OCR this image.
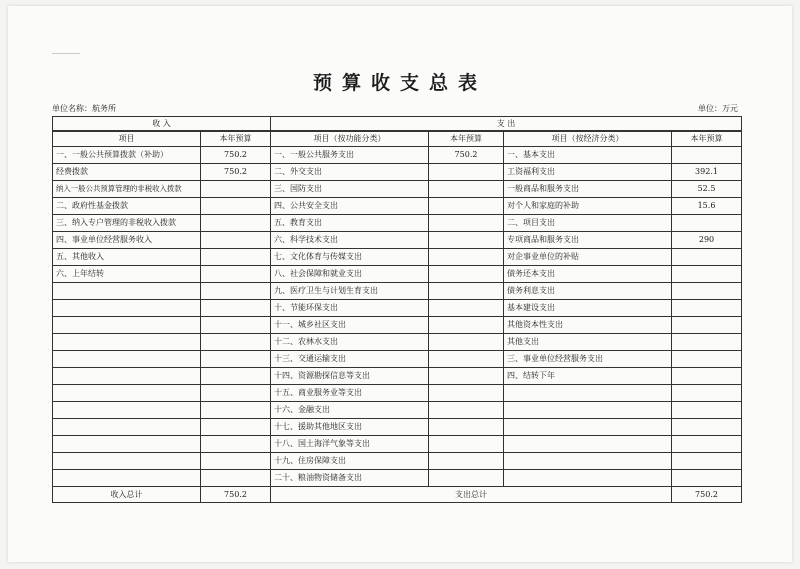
________
预算收支总表
单位名称：航务所	单位：万元
收 入		支 出			
项目	本年预算	项目（按功能分类）	本年预算	项目（按经济分类）	本年预算
一、一般公共预算拨款（补助）	750.2	一、一般公共服务支出	750.2	一、基本支出	
经费拨款	750.2	二、外交支出		工资福利支出	392.1
纳入一般公共预算管理的非税收入拨款		三、国防支出		一般商品和服务支出	52.5
二、政府性基金拨款		四、公共安全支出		对个人和家庭的补助	15.6
三、纳入专户管理的非税收入拨款		五、教育支出		二、项目支出	
四、事业单位经营服务收入		六、科学技术支出		专项商品和服务支出	290
五、其他收入		七、文化体育与传媒支出		对企事业单位的补贴	
六、上年结转		八、社会保障和就业支出		债务还本支出	
		九、医疗卫生与计划生育支出		债务利息支出	
		十、节能环保支出		基本建设支出	
		十一、城乡社区支出		其他资本性支出	
		十二、农林水支出		其他支出	
		十三、交通运输支出		三、事业单位经营服务支出	
		十四、资源勘探信息等支出		四、结转下年	
		十五、商业服务业等支出			
		十六、金融支出			
		十七、援助其他地区支出			
		十八、国土海洋气象等支出			
		十九、住房保障支出			
		二十、粮油物资储备支出			
收入总计	750.2	支出总计			750.2
